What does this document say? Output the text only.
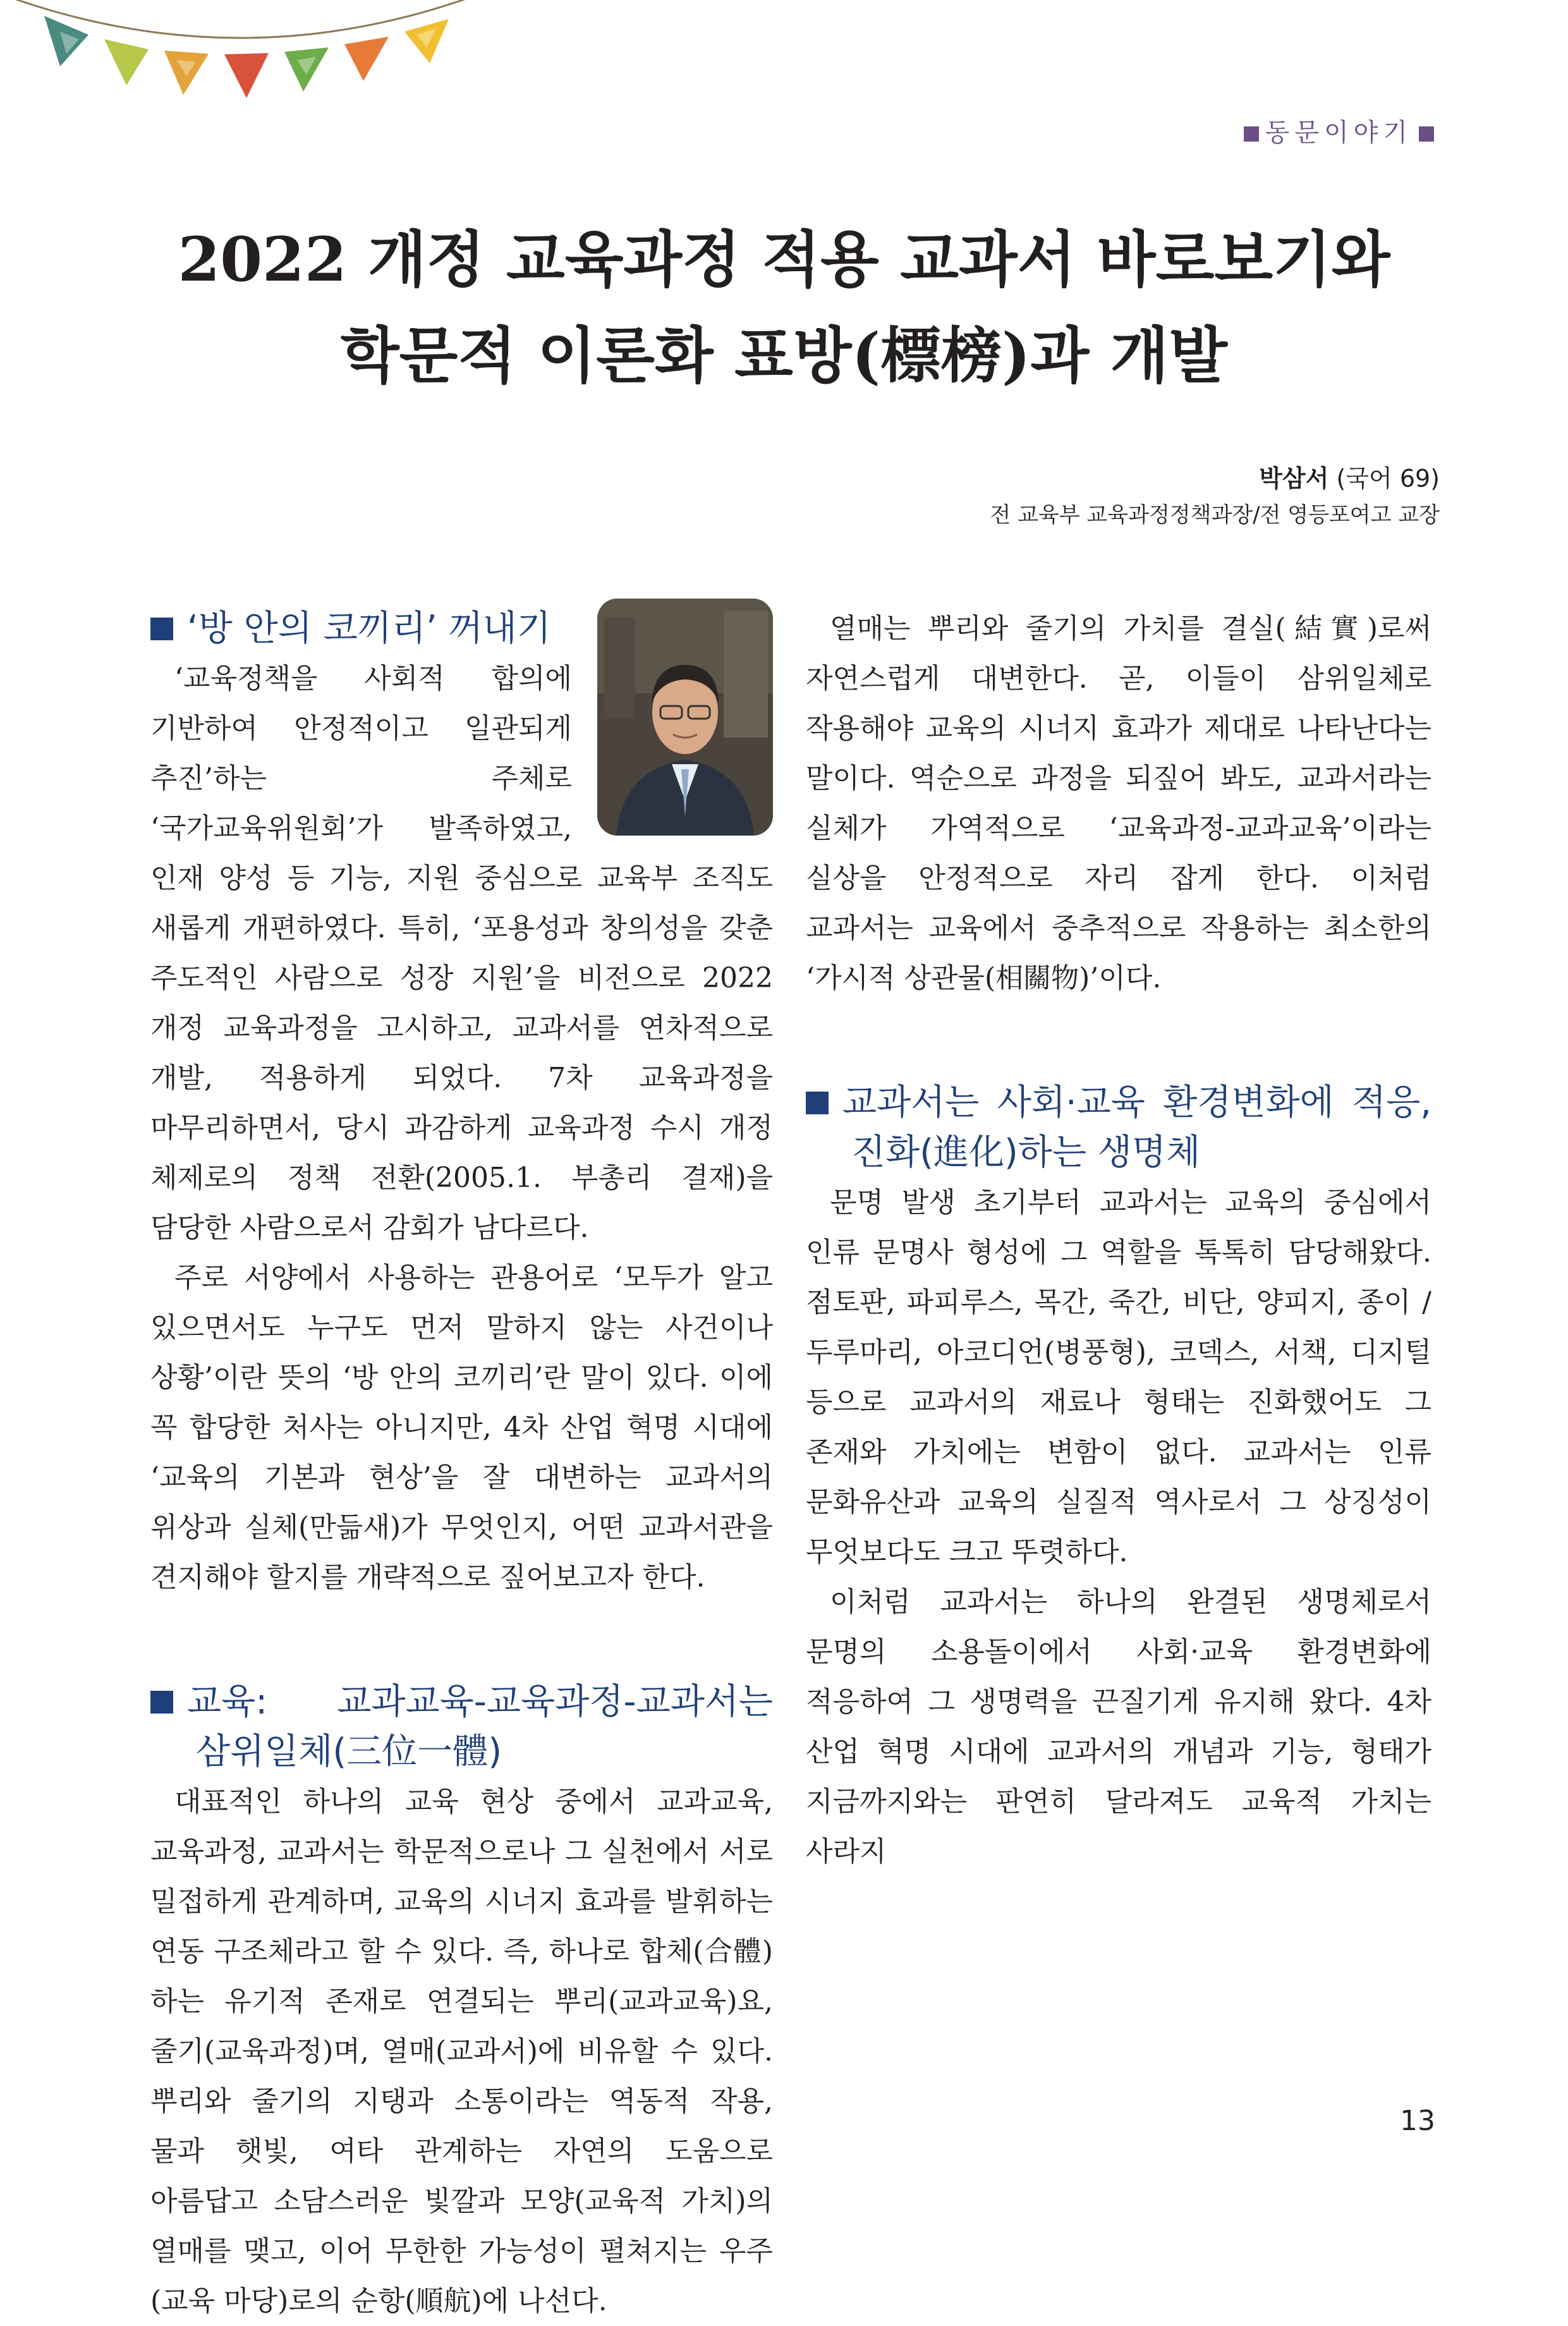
동문이야기
2022 개정 교육과정 적용 교과서 바로보기와
학문적 이론화 표방(標榜)과 개발
박삼서 (국어 69)
전 교육부 교육과정정책과장/전 영등포여고 교장
‘방 안의 코끼리’ 꺼내기

‘교육정책을 사회적 합의에 기반하여 안정적이고 일관되게 추진’하는 주체로 ‘국가교육위원회’가 발족하였고, 인재 양성 등 기능, 지원 중심으로 교육부 조직도 새롭게 개편하였다. 특히, ‘포용성과 창의성을 갖춘 주도적인 사람으로 성장 지원’을 비전으로 2022 개정 교육과정을 고시하고, 교과서를 연차적으로 개발, 적용하게 되었다. 7차 교육과정을 마무리하면서, 당시 과감하게 교육과정 수시 개정 체제로의 정책 전환(2005.1. 부총리 결재)을 담당한 사람으로서 감회가 남다르다.

주로 서양에서 사용하는 관용어로 ‘모두가 알고 있으면서도 누구도 먼저 말하지 않는 사건이나 상황’이란 뜻의 ‘방 안의 코끼리’란 말이 있다. 이에 꼭 합당한 처사는 아니지만, 4차 산업 혁명 시대에 ‘교육의 기본과 현상’을 잘 대변하는 교과서의 위상과 실체(만듦새)가 무엇인지, 어떤 교과서관을 견지해야 할지를 개략적으로 짚어보고자 한다.

교육: 교과교육-교육과정-교과서는 삼위일체(三位一體)

대표적인 하나의 교육 현상 중에서 교과교육, 교육과정, 교과서는 학문적으로나 그 실천에서 서로 밀접하게 관계하며, 교육의 시너지 효과를 발휘하는 연동 구조체라고 할 수 있다. 즉, 하나로 합체(合體)하는 유기적 존재로 연결되는 뿌리(교과교육)요, 줄기(교육과정)며, 열매(교과서)에 비유할 수 있다. 뿌리와 줄기의 지탱과 소통이라는 역동적 작용, 물과 햇빛, 여타 관계하는 자연의 도움으로 아름답고 소담스러운 빛깔과 모양(교육적 가치)의 열매를 맺고, 이어 무한한 가능성이 펼쳐지는 우주(교육 마당)로의 순항(順航)에 나선다.

열매는 뿌리와 줄기의 가치를 결실(結實)로써 자연스럽게 대변한다. 곧, 이들이 삼위일체로 작용해야 교육의 시너지 효과가 제대로 나타난다는 말이다. 역순으로 과정을 되짚어 봐도, 교과서라는 실체가 가역적으로 ‘교육과정-교과교육’이라는 실상을 안정적으로 자리 잡게 한다. 이처럼 교과서는 교육에서 중추적으로 작용하는 최소한의 ‘가시적 상관물(相關物)’이다.

교과서는 사회·교육 환경변화에 적응, 진화(進化)하는 생명체

문명 발생 초기부터 교과서는 교육의 중심에서 인류 문명사 형성에 그 역할을 톡톡히 담당해왔다. 점토판, 파피루스, 목간, 죽간, 비단, 양피지, 종이 / 두루마리, 아코디언(병풍형), 코덱스, 서책, 디지털 등으로 교과서의 재료나 형태는 진화했어도 그 존재와 가치에는 변함이 없다. 교과서는 인류 문화유산과 교육의 실질적 역사로서 그 상징성이 무엇보다도 크고 뚜렷하다.

이처럼 교과서는 하나의 완결된 생명체로서 문명의 소용돌이에서 사회·교육 환경변화에 적응하여 그 생명력을 끈질기게 유지해 왔다. 4차 산업 혁명 시대에 교과서의 개념과 기능, 형태가 지금까지와는 판연히 달라져도 교육적 가치는 사라지

13
